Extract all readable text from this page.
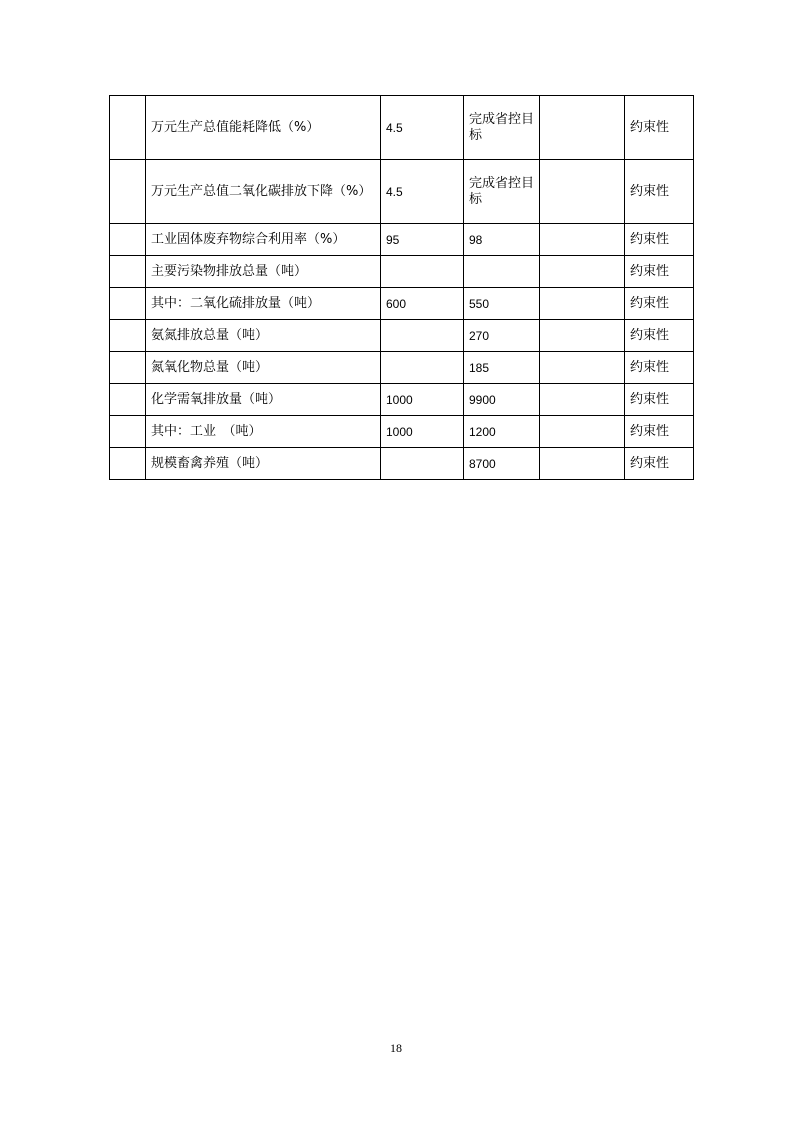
	万元生产总值能耗降低（%）	4.5	完成省控目标		约束性
	万元生产总值二氧化碳排放下降（%）	4.5	完成省控目标		约束性
	工业固体废弃物综合利用率（%）	95	98		约束性
	主要污染物排放总量（吨）				约束性
	其中：二氧化硫排放量（吨）	600	550		约束性
	氨氮排放总量（吨）		270		约束性
	氮氧化物总量（吨）		185		约束性
	化学需氧排放量（吨）	1000	9900		约束性
	其中：工业　（吨）	1000	1200		约束性
	规模畜禽养殖（吨）		8700		约束性
18
